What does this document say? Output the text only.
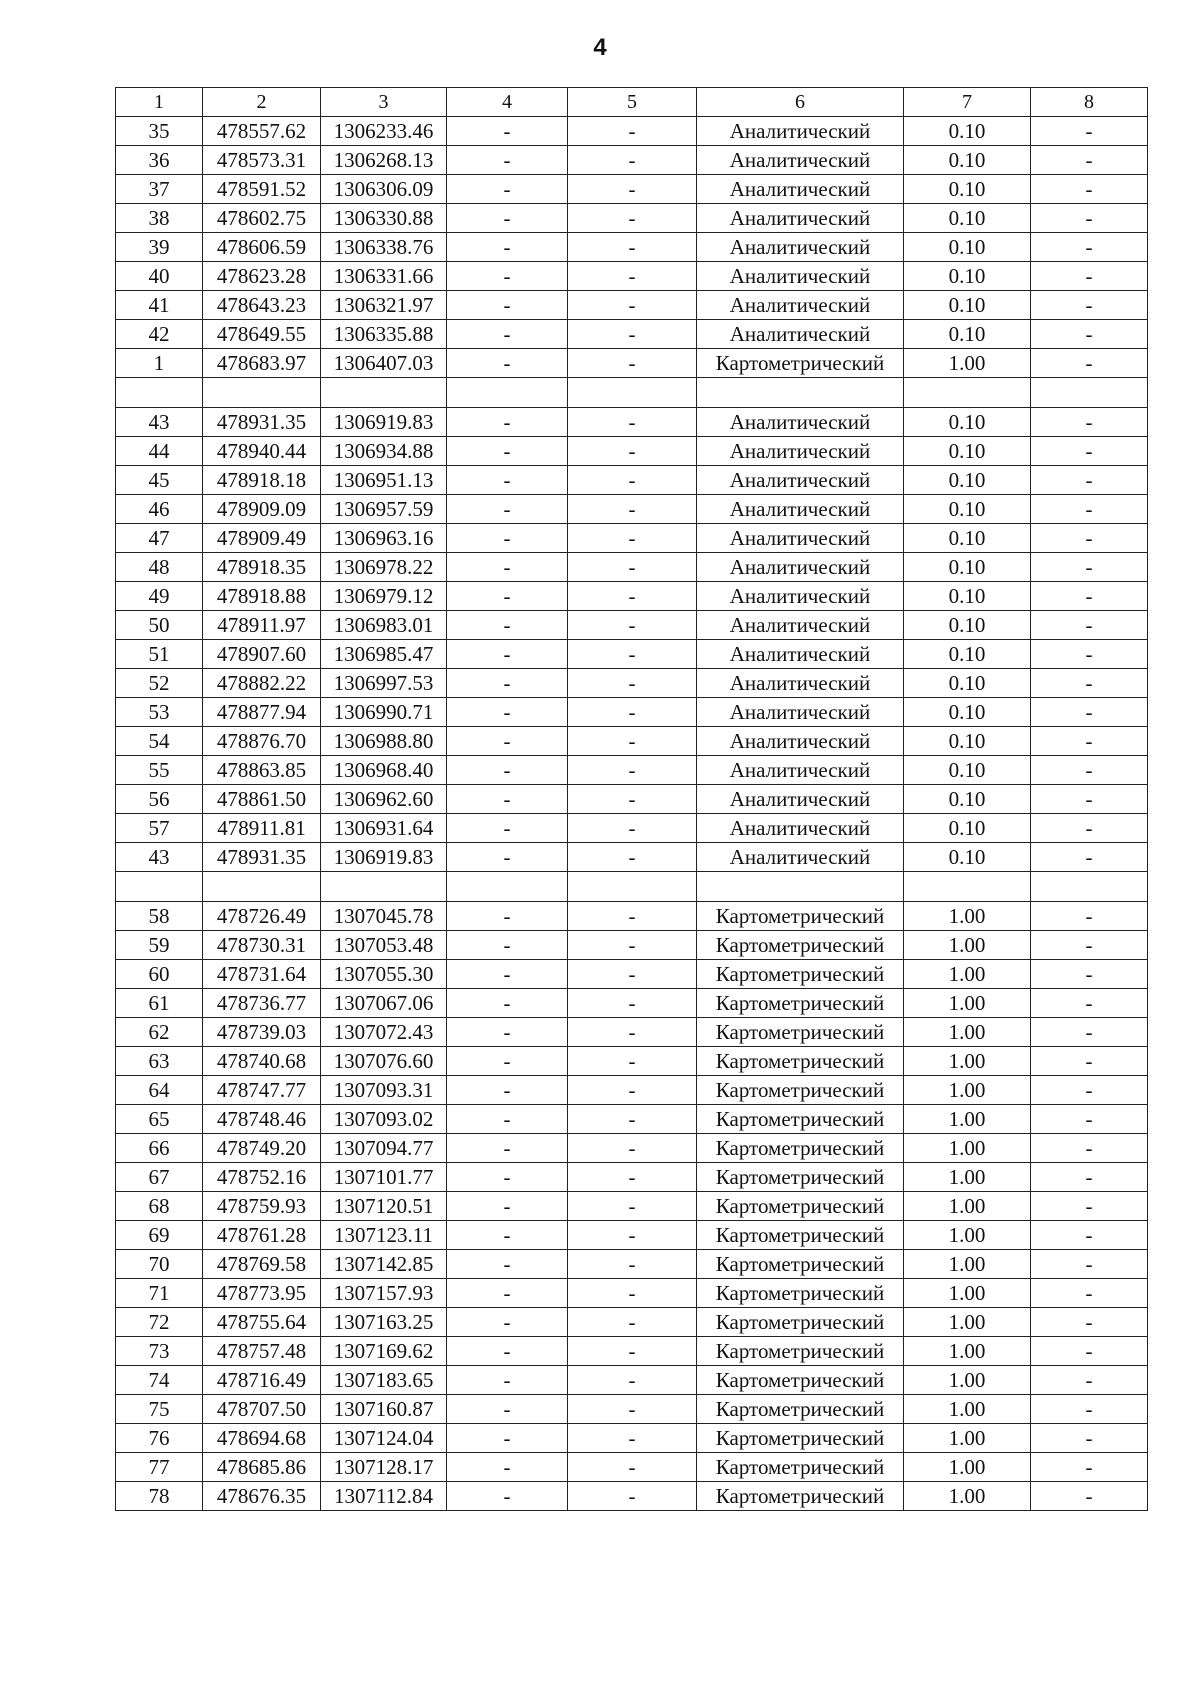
4
1	2	3	4	5	6	7	8
35	478557.62	1306233.46	-	-	Аналитический	0.10	-
36	478573.31	1306268.13	-	-	Аналитический	0.10	-
37	478591.52	1306306.09	-	-	Аналитический	0.10	-
38	478602.75	1306330.88	-	-	Аналитический	0.10	-
39	478606.59	1306338.76	-	-	Аналитический	0.10	-
40	478623.28	1306331.66	-	-	Аналитический	0.10	-
41	478643.23	1306321.97	-	-	Аналитический	0.10	-
42	478649.55	1306335.88	-	-	Аналитический	0.10	-
1	478683.97	1306407.03	-	-	Картометрический	1.00	-

43	478931.35	1306919.83	-	-	Аналитический	0.10	-
44	478940.44	1306934.88	-	-	Аналитический	0.10	-
45	478918.18	1306951.13	-	-	Аналитический	0.10	-
46	478909.09	1306957.59	-	-	Аналитический	0.10	-
47	478909.49	1306963.16	-	-	Аналитический	0.10	-
48	478918.35	1306978.22	-	-	Аналитический	0.10	-
49	478918.88	1306979.12	-	-	Аналитический	0.10	-
50	478911.97	1306983.01	-	-	Аналитический	0.10	-
51	478907.60	1306985.47	-	-	Аналитический	0.10	-
52	478882.22	1306997.53	-	-	Аналитический	0.10	-
53	478877.94	1306990.71	-	-	Аналитический	0.10	-
54	478876.70	1306988.80	-	-	Аналитический	0.10	-
55	478863.85	1306968.40	-	-	Аналитический	0.10	-
56	478861.50	1306962.60	-	-	Аналитический	0.10	-
57	478911.81	1306931.64	-	-	Аналитический	0.10	-
43	478931.35	1306919.83	-	-	Аналитический	0.10	-

58	478726.49	1307045.78	-	-	Картометрический	1.00	-
59	478730.31	1307053.48	-	-	Картометрический	1.00	-
60	478731.64	1307055.30	-	-	Картометрический	1.00	-
61	478736.77	1307067.06	-	-	Картометрический	1.00	-
62	478739.03	1307072.43	-	-	Картометрический	1.00	-
63	478740.68	1307076.60	-	-	Картометрический	1.00	-
64	478747.77	1307093.31	-	-	Картометрический	1.00	-
65	478748.46	1307093.02	-	-	Картометрический	1.00	-
66	478749.20	1307094.77	-	-	Картометрический	1.00	-
67	478752.16	1307101.77	-	-	Картометрический	1.00	-
68	478759.93	1307120.51	-	-	Картометрический	1.00	-
69	478761.28	1307123.11	-	-	Картометрический	1.00	-
70	478769.58	1307142.85	-	-	Картометрический	1.00	-
71	478773.95	1307157.93	-	-	Картометрический	1.00	-
72	478755.64	1307163.25	-	-	Картометрический	1.00	-
73	478757.48	1307169.62	-	-	Картометрический	1.00	-
74	478716.49	1307183.65	-	-	Картометрический	1.00	-
75	478707.50	1307160.87	-	-	Картометрический	1.00	-
76	478694.68	1307124.04	-	-	Картометрический	1.00	-
77	478685.86	1307128.17	-	-	Картометрический	1.00	-
78	478676.35	1307112.84	-	-	Картометрический	1.00	-
